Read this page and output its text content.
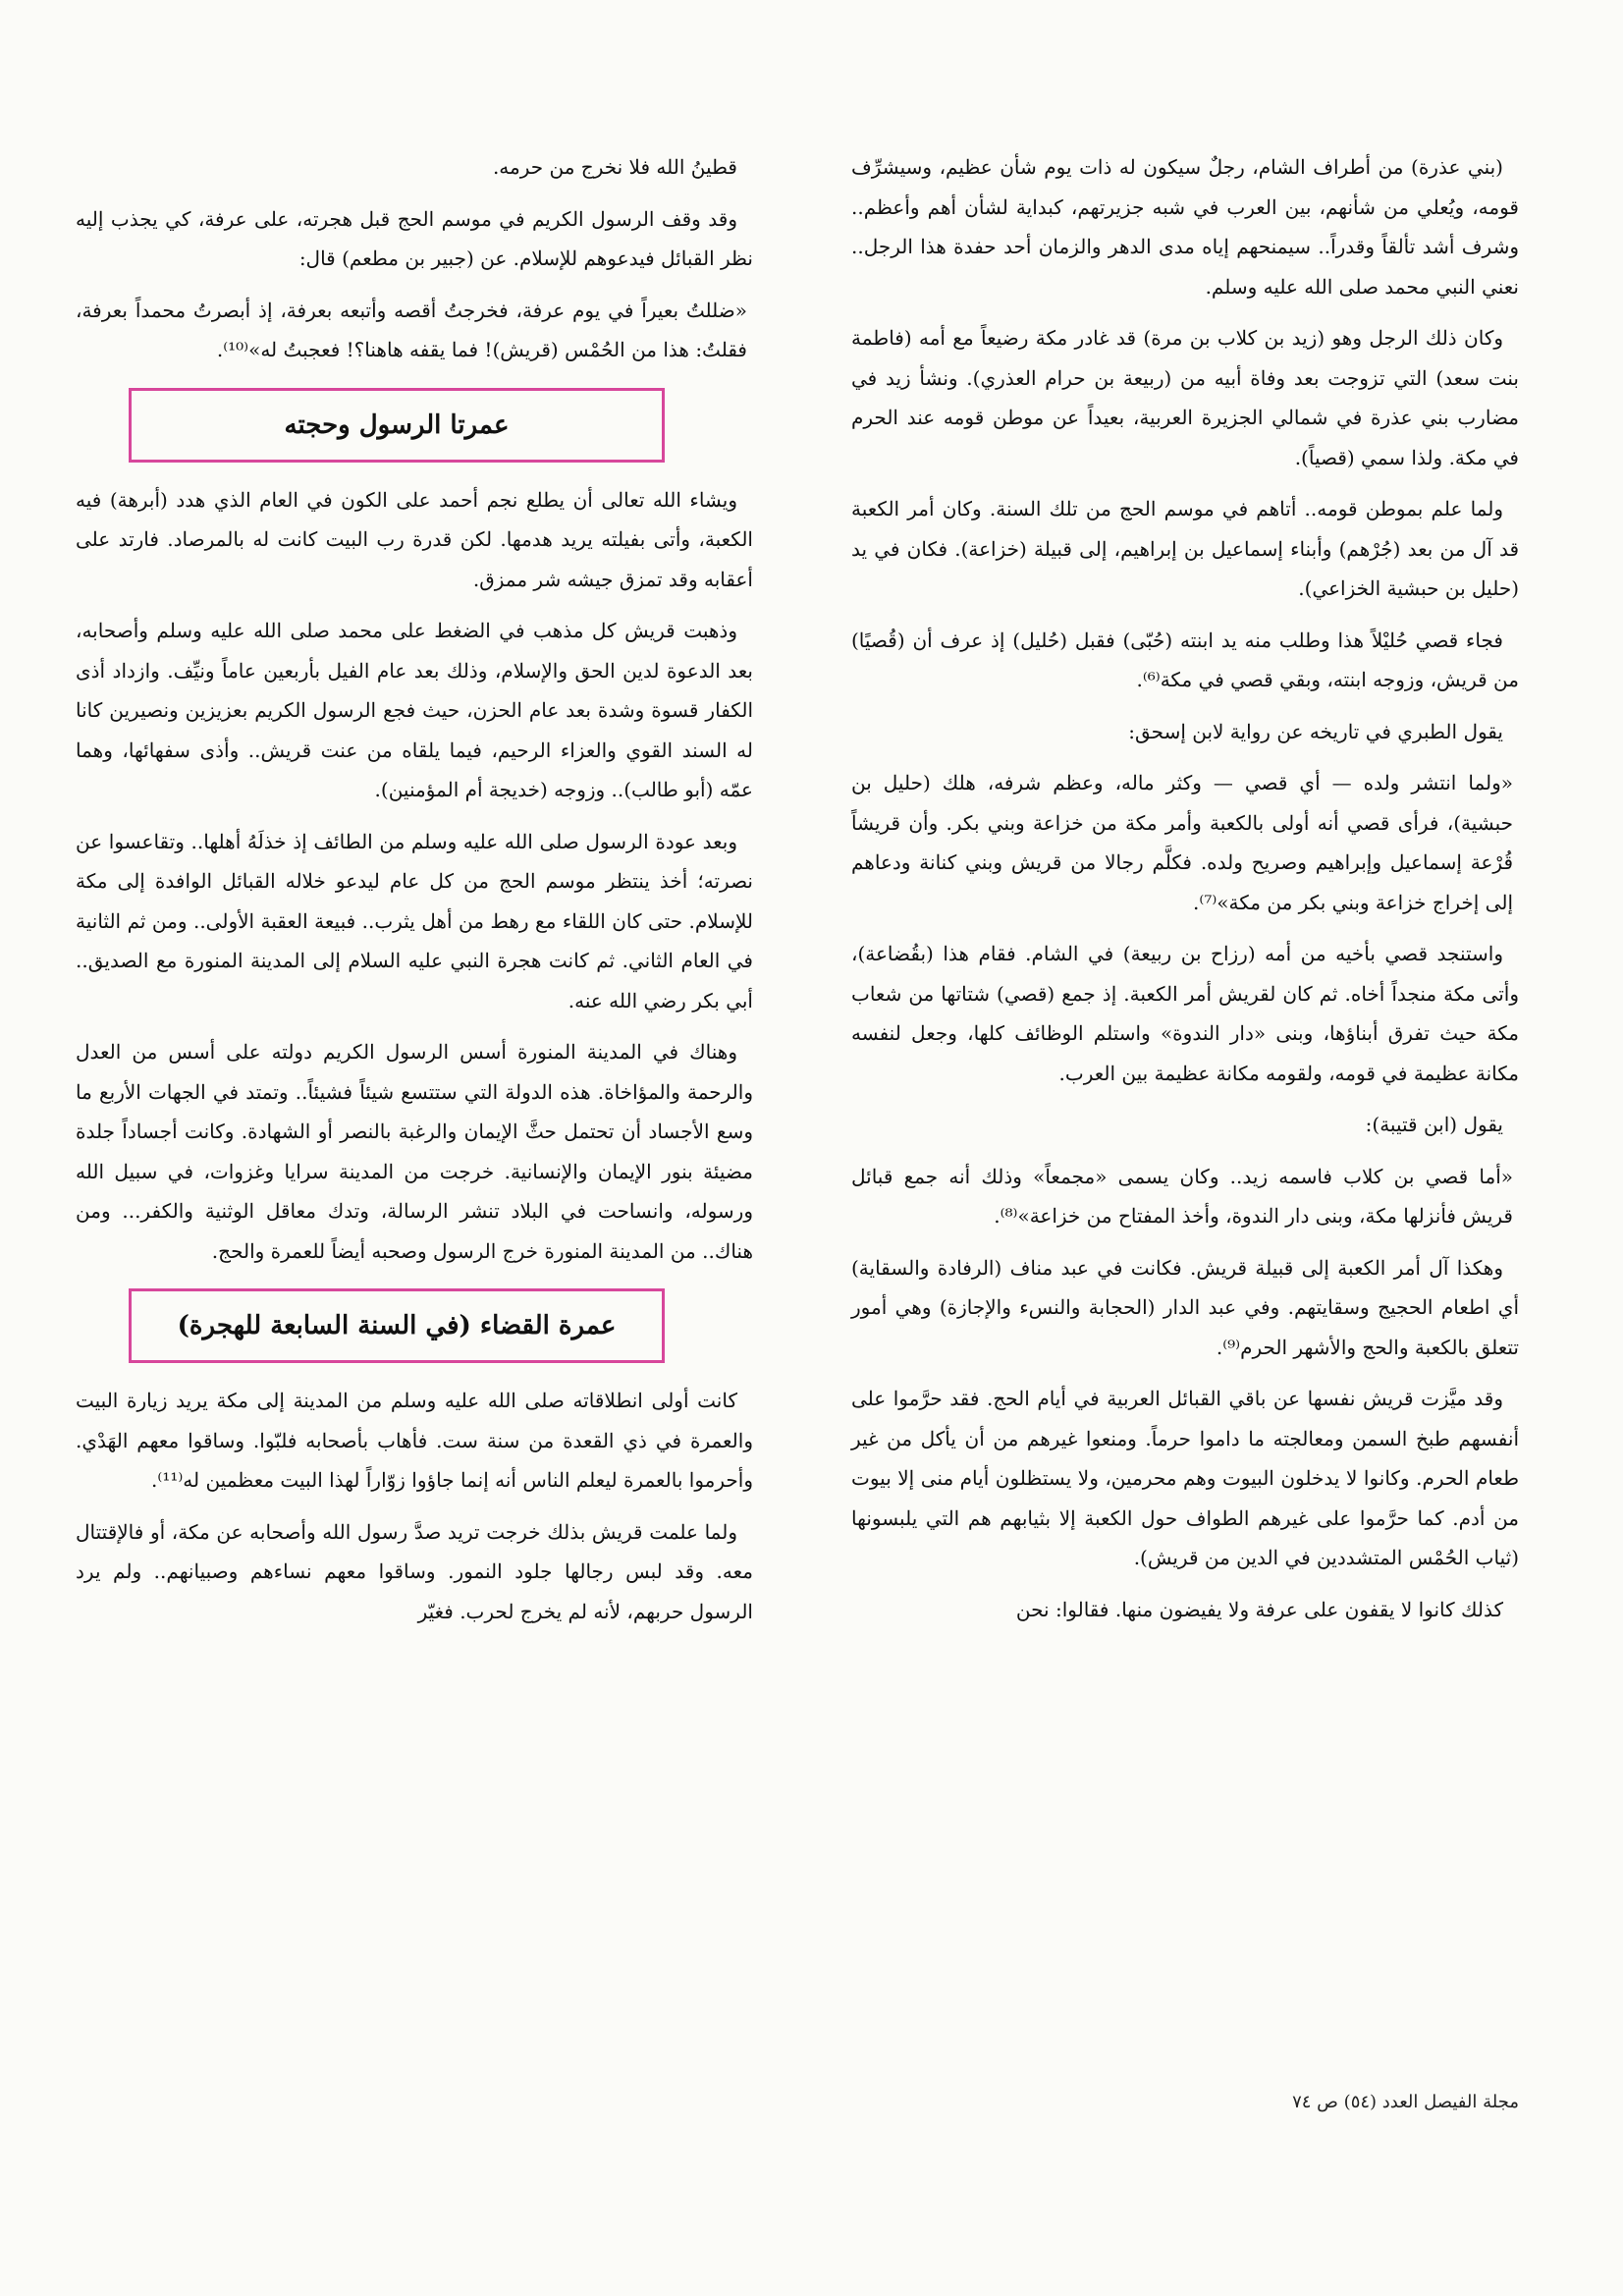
(بني عذرة) من أطراف الشام، رجلٌ سيكون له ذات يوم شأن عظيم، وسيشرِّف قومه، ويُعلي من شأنهم، بين العرب في شبه جزيرتهم، كبداية لشأن أهم وأعظم.. وشرف أشد تألقاً وقدراً.. سيمنحهم إياه مدى الدهر والزمان أحد حفدة هذا الرجل.. نعني النبي محمد صلى الله عليه وسلم.

وكان ذلك الرجل وهو (زيد بن كلاب بن مرة) قد غادر مكة رضيعاً مع أمه (فاطمة بنت سعد) التي تزوجت بعد وفاة أبيه من (ربيعة بن حرام العذري). ونشأ زيد في مضارب بني عذرة في شمالي الجزيرة العربية، بعيداً عن موطن قومه عند الحرم في مكة. ولذا سمي (قصياً).

ولما علم بموطن قومه.. أتاهم في موسم الحج من تلك السنة. وكان أمر الكعبة قد آل من بعد (جُرْهم) وأبناء إسماعيل بن إبراهيم، إلى قبيلة (خزاعة). فكان في يد (حليل بن حبشية الخزاعي).

فجاء قصي حُليْلاً هذا وطلب منه يد ابنته (حُبّى) فقبل (حُليل) إذ عرف أن (قُصيًا) من قريش، وزوجه ابنته، وبقي قصي في مكة⁽⁶⁾.

يقول الطبري في تاريخه عن رواية لابن إسحق:

«ولما انتشر ولده — أي قصي — وكثر ماله، وعظم شرفه، هلك (حليل بن حبشية)، فرأى قصي أنه أولى بالكعبة وأمر مكة من خزاعة وبني بكر. وأن قريشاً قُرْعة إسماعيل وإبراهيم وصريح ولده. فكلَّم رجالا من قريش وبني كنانة ودعاهم إلى إخراج خزاعة وبني بكر من مكة»⁽⁷⁾.

واستنجد قصي بأخيه من أمه (رزاح بن ربيعة) في الشام. فقام هذا (بقُضاعة)، وأتى مكة منجداً أخاه. ثم كان لقريش أمر الكعبة. إذ جمع (قصي) شتاتها من شعاب مكة حيث تفرق أبناؤها، وبنى «دار الندوة» واستلم الوظائف كلها، وجعل لنفسه مكانة عظيمة في قومه، ولقومه مكانة عظيمة بين العرب.

يقول (ابن قتيبة):

«أما قصي بن كلاب فاسمه زيد.. وكان يسمى «مجمعاً» وذلك أنه جمع قبائل قريش فأنزلها مكة، وبنى دار الندوة، وأخذ المفتاح من خزاعة»⁽⁸⁾.

وهكذا آل أمر الكعبة إلى قبيلة قريش. فكانت في عبد مناف (الرفادة والسقاية) أي اطعام الحجيج وسقايتهم. وفي عبد الدار (الحجابة والنسء والإجازة) وهي أمور تتعلق بالكعبة والحج والأشهر الحرم⁽⁹⁾.

وقد ميَّزت قريش نفسها عن باقي القبائل العربية في أيام الحج. فقد حرَّموا على أنفسهم طبخ السمن ومعالجته ما داموا حرماً. ومنعوا غيرهم من أن يأكل من غير طعام الحرم. وكانوا لا يدخلون البيوت وهم محرمين، ولا يستظلون أيام منى إلا بيوت من أدم. كما حرَّموا على غيرهم الطواف حول الكعبة إلا بثيابهم هم التي يلبسونها (ثياب الحُمْس المتشددين في الدين من قريش).

كذلك كانوا لا يقفون على عرفة ولا يفيضون منها. فقالوا: نحن

قطينُ الله فلا نخرج من حرمه.

وقد وقف الرسول الكريم في موسم الحج قبل هجرته، على عرفة، كي يجذب إليه نظر القبائل فيدعوهم للإسلام. عن (جبير بن مطعم) قال:

«ضللتُ بعيراً في يوم عرفة، فخرجتُ أقصه وأتبعه بعرفة، إذ أبصرتُ محمداً بعرفة، فقلتُ: هذا من الحُمْس (قريش)! فما يقفه هاهنا؟! فعجبتُ له»⁽¹⁰⁾.

عمرتا الرسول وحجته

ويشاء الله تعالى أن يطلع نجم أحمد على الكون في العام الذي هدد (أبرهة) فيه الكعبة، وأتى بفيلته يريد هدمها. لكن قدرة رب البيت كانت له بالمرصاد. فارتد على أعقابه وقد تمزق جيشه شر ممزق.

وذهبت قريش كل مذهب في الضغط على محمد صلى الله عليه وسلم وأصحابه، بعد الدعوة لدين الحق والإسلام، وذلك بعد عام الفيل بأربعين عاماً ونيِّف. وازداد أذى الكفار قسوة وشدة بعد عام الحزن، حيث فجع الرسول الكريم بعزيزين ونصيرين كانا له السند القوي والعزاء الرحيم، فيما يلقاه من عنت قريش.. وأذى سفهائها، وهما عمّه (أبو طالب).. وزوجه (خديجة أم المؤمنين).

وبعد عودة الرسول صلى الله عليه وسلم من الطائف إذ خذلَهُ أهلها.. وتقاعسوا عن نصرته؛ أخذ ينتظر موسم الحج من كل عام ليدعو خلاله القبائل الوافدة إلى مكة للإسلام. حتى كان اللقاء مع رهط من أهل يثرب.. فبيعة العقبة الأولى.. ومن ثم الثانية في العام الثاني. ثم كانت هجرة النبي عليه السلام إلى المدينة المنورة مع الصديق.. أبي بكر رضي الله عنه.

وهناك في المدينة المنورة أسس الرسول الكريم دولته على أسس من العدل والرحمة والمؤاخاة. هذه الدولة التي ستتسع شيئاً فشيئاً.. وتمتد في الجهات الأربع ما وسع الأجساد أن تحتمل حثَّ الإيمان والرغبة بالنصر أو الشهادة. وكانت أجساداً جلدة مضيئة بنور الإيمان والإنسانية. خرجت من المدينة سرايا وغزوات، في سبيل الله ورسوله، وانساحت في البلاد تنشر الرسالة، وتدك معاقل الوثنية والكفر... ومن هناك.. من المدينة المنورة خرج الرسول وصحبه أيضاً للعمرة والحج.

عمرة القضاء (في السنة السابعة للهجرة)

كانت أولى انطلاقاته صلى الله عليه وسلم من المدينة إلى مكة يريد زيارة البيت والعمرة في ذي القعدة من سنة ست. فأهاب بأصحابه فلبّوا. وساقوا معهم الهَدْي. وأحرموا بالعمرة ليعلم الناس أنه إنما جاؤوا زوّاراً لهذا البيت معظمين له⁽¹¹⁾.

ولما علمت قريش بذلك خرجت تريد صدَّ رسول الله وأصحابه عن مكة، أو فالإقتتال معه. وقد لبس رجالها جلود النمور. وساقوا معهم نساءهم وصبيانهم.. ولم يرد الرسول حربهم، لأنه لم يخرج لحرب. فغيّر

مجلة الفيصل العدد (٥٤) ص ٧٤
